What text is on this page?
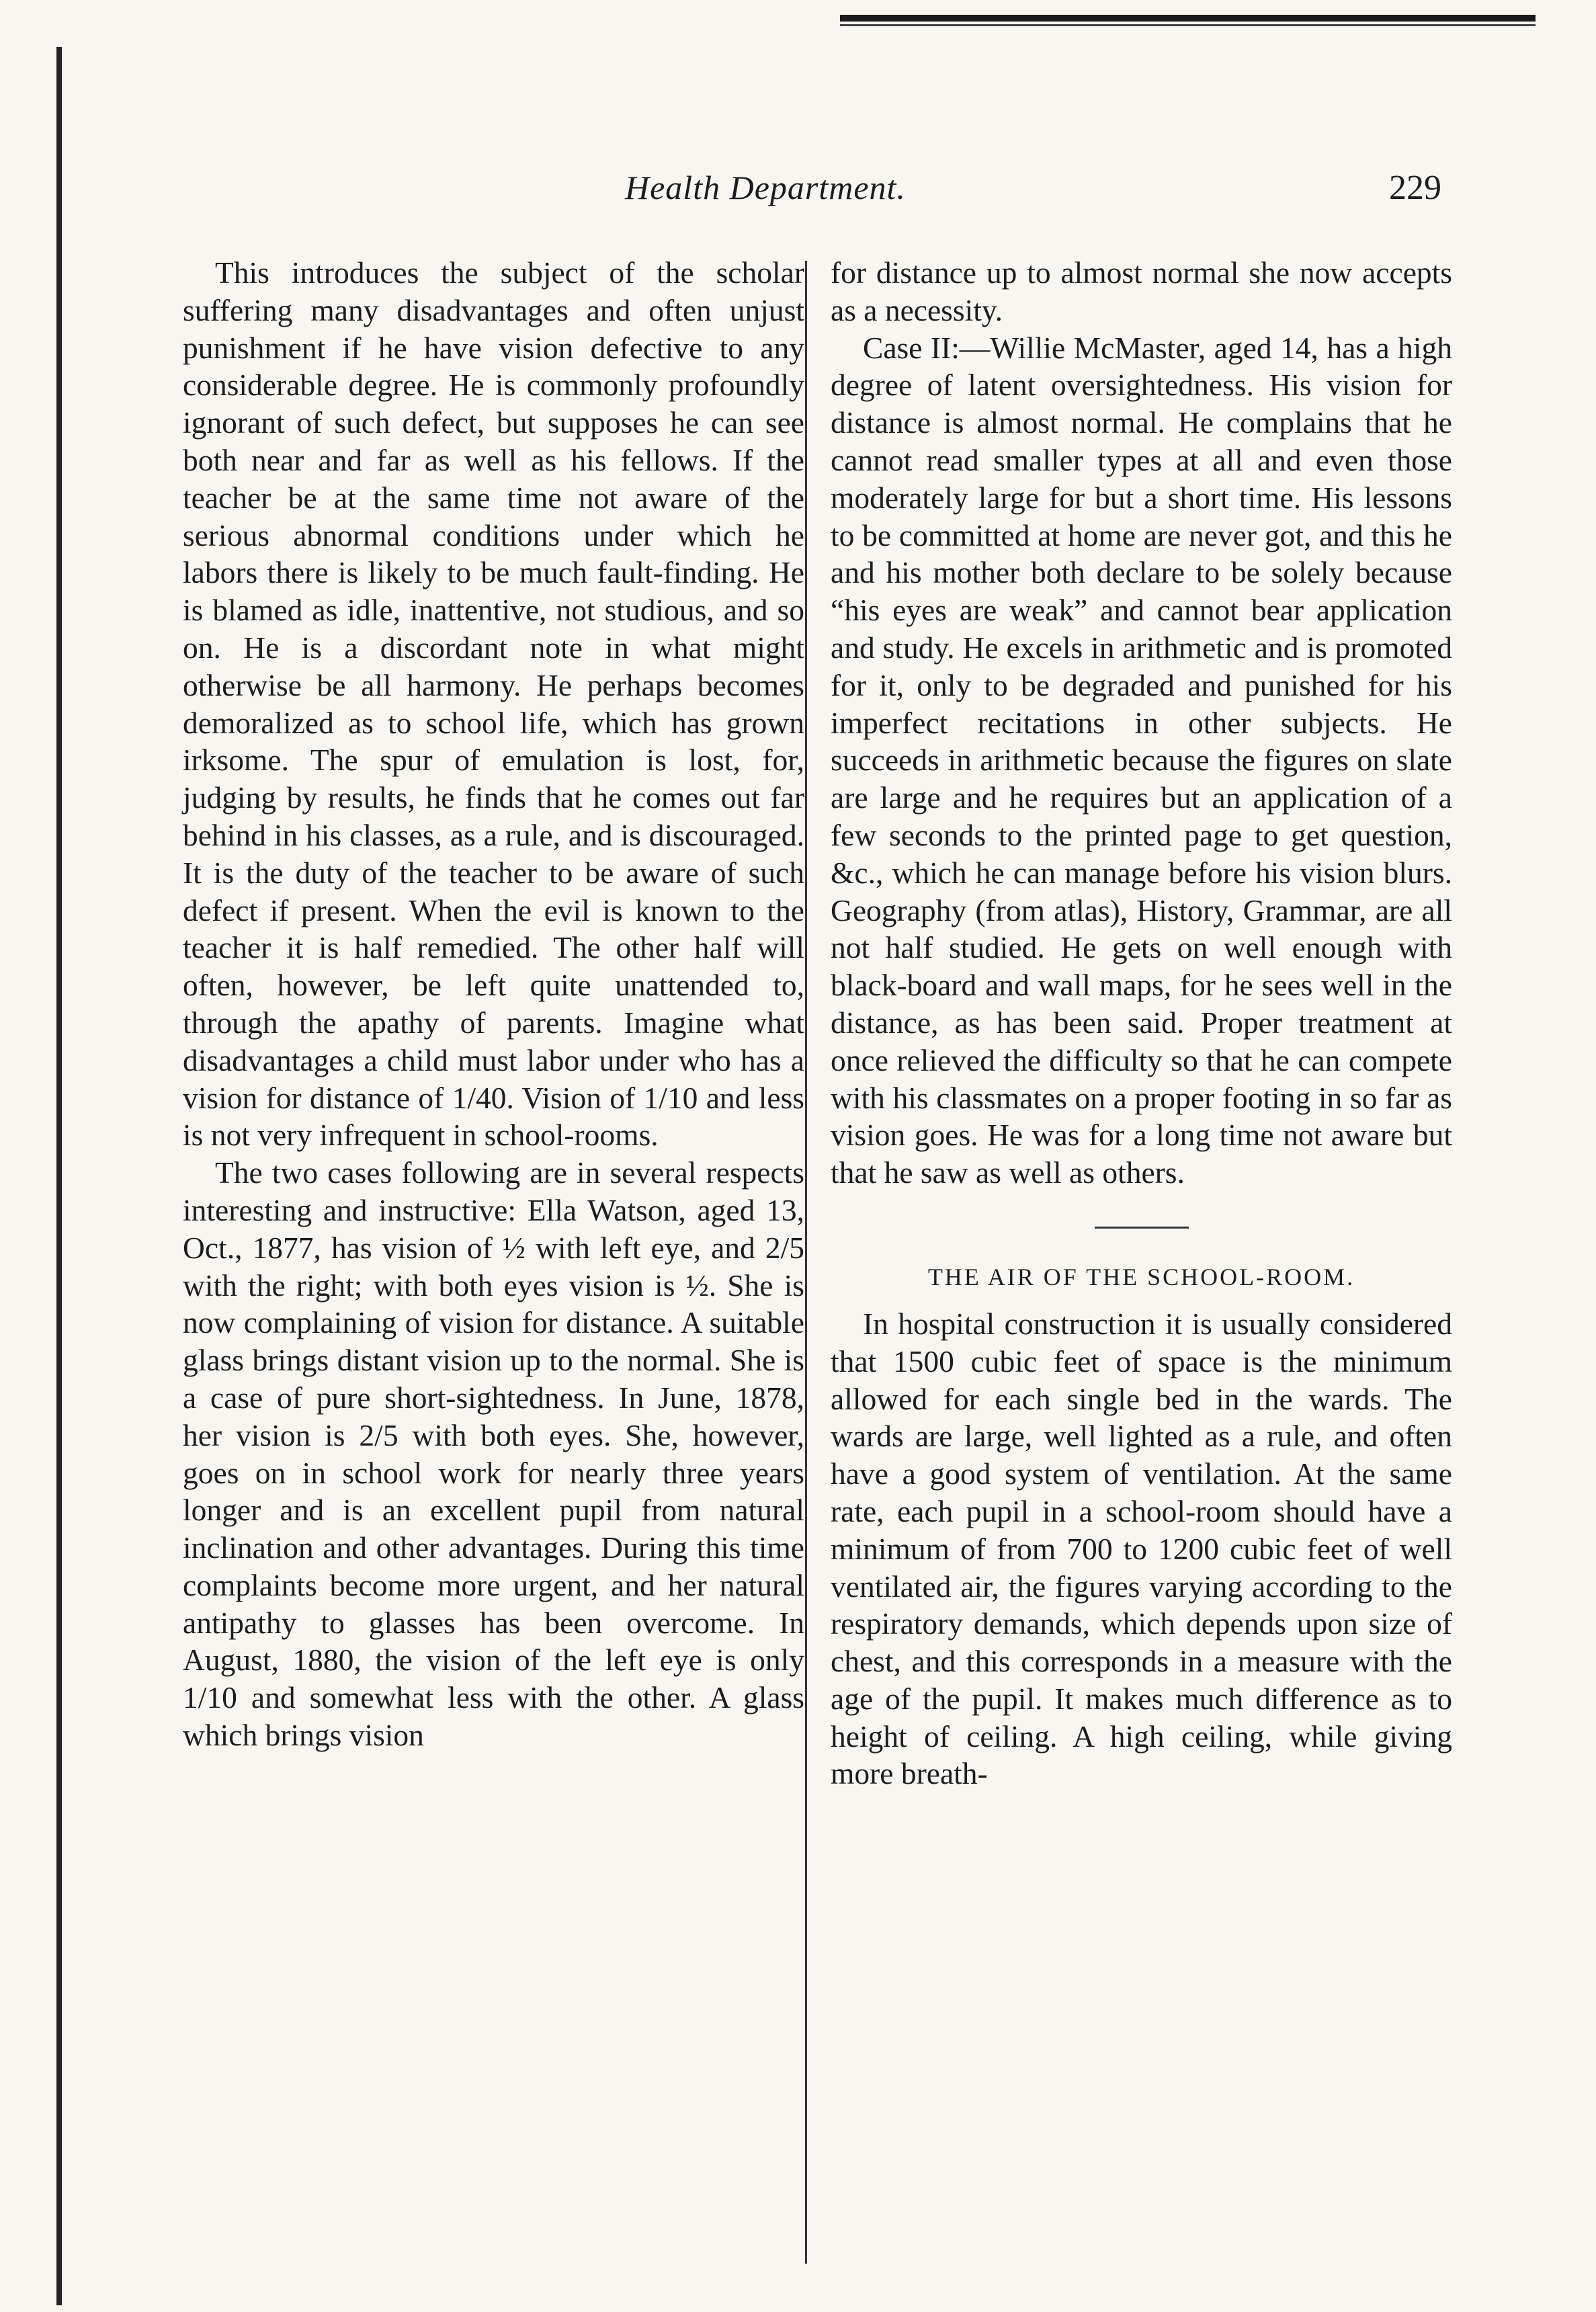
Health Department.	229

This introduces the subject of the scholar suffering many disadvantages and often unjust punishment if he have vision defective to any considerable degree. He is commonly profoundly ignorant of such defect, but supposes he can see both near and far as well as his fellows. If the teacher be at the same time not aware of the serious abnormal conditions under which he labors there is likely to be much fault-finding. He is blamed as idle, inattentive, not studious, and so on. He is a discordant note in what might otherwise be all harmony. He perhaps becomes demoralized as to school life, which has grown irksome. The spur of emulation is lost, for, judging by results, he finds that he comes out far behind in his classes, as a rule, and is discouraged. It is the duty of the teacher to be aware of such defect if present. When the evil is known to the teacher it is half remedied. The other half will often, however, be left quite unattended to, through the apathy of parents. Imagine what disadvantages a child must labor under who has a vision for distance of 1/40. Vision of 1/10 and less is not very infrequent in school-rooms.

The two cases following are in several respects interesting and instructive: Ella Watson, aged 13, Oct., 1877, has vision of ½ with left eye, and 2/5 with the right; with both eyes vision is ½. She is now complaining of vision for distance. A suitable glass brings distant vision up to the normal. She is a case of pure short-sightedness. In June, 1878, her vision is 2/5 with both eyes. She, however, goes on in school work for nearly three years longer and is an excellent pupil from natural inclination and other advantages. During this time complaints become more urgent, and her natural antipathy to glasses has been overcome. In August, 1880, the vision of the left eye is only 1/10 and somewhat less with the other. A glass which brings vision

for distance up to almost normal she now accepts as a necessity.

Case II:—Willie McMaster, aged 14, has a high degree of latent oversightedness. His vision for distance is almost normal. He complains that he cannot read smaller types at all and even those moderately large for but a short time. His lessons to be committed at home are never got, and this he and his mother both declare to be solely because “his eyes are weak” and cannot bear application and study. He excels in arithmetic and is promoted for it, only to be degraded and punished for his imperfect recitations in other subjects. He succeeds in arithmetic because the figures on slate are large and he requires but an application of a few seconds to the printed page to get question, &c., which he can manage before his vision blurs. Geography (from atlas), History, Grammar, are all not half studied. He gets on well enough with black-board and wall maps, for he sees well in the distance, as has been said. Proper treatment at once relieved the difficulty so that he can compete with his classmates on a proper footing in so far as vision goes. He was for a long time not aware but that he saw as well as others.

THE AIR OF THE SCHOOL-ROOM.

In hospital construction it is usually considered that 1500 cubic feet of space is the minimum allowed for each single bed in the wards. The wards are large, well lighted as a rule, and often have a good system of ventilation. At the same rate, each pupil in a school-room should have a minimum of from 700 to 1200 cubic feet of well ventilated air, the figures varying according to the respiratory demands, which depends upon size of chest, and this corresponds in a measure with the age of the pupil. It makes much difference as to height of ceiling. A high ceiling, while giving more breath-
